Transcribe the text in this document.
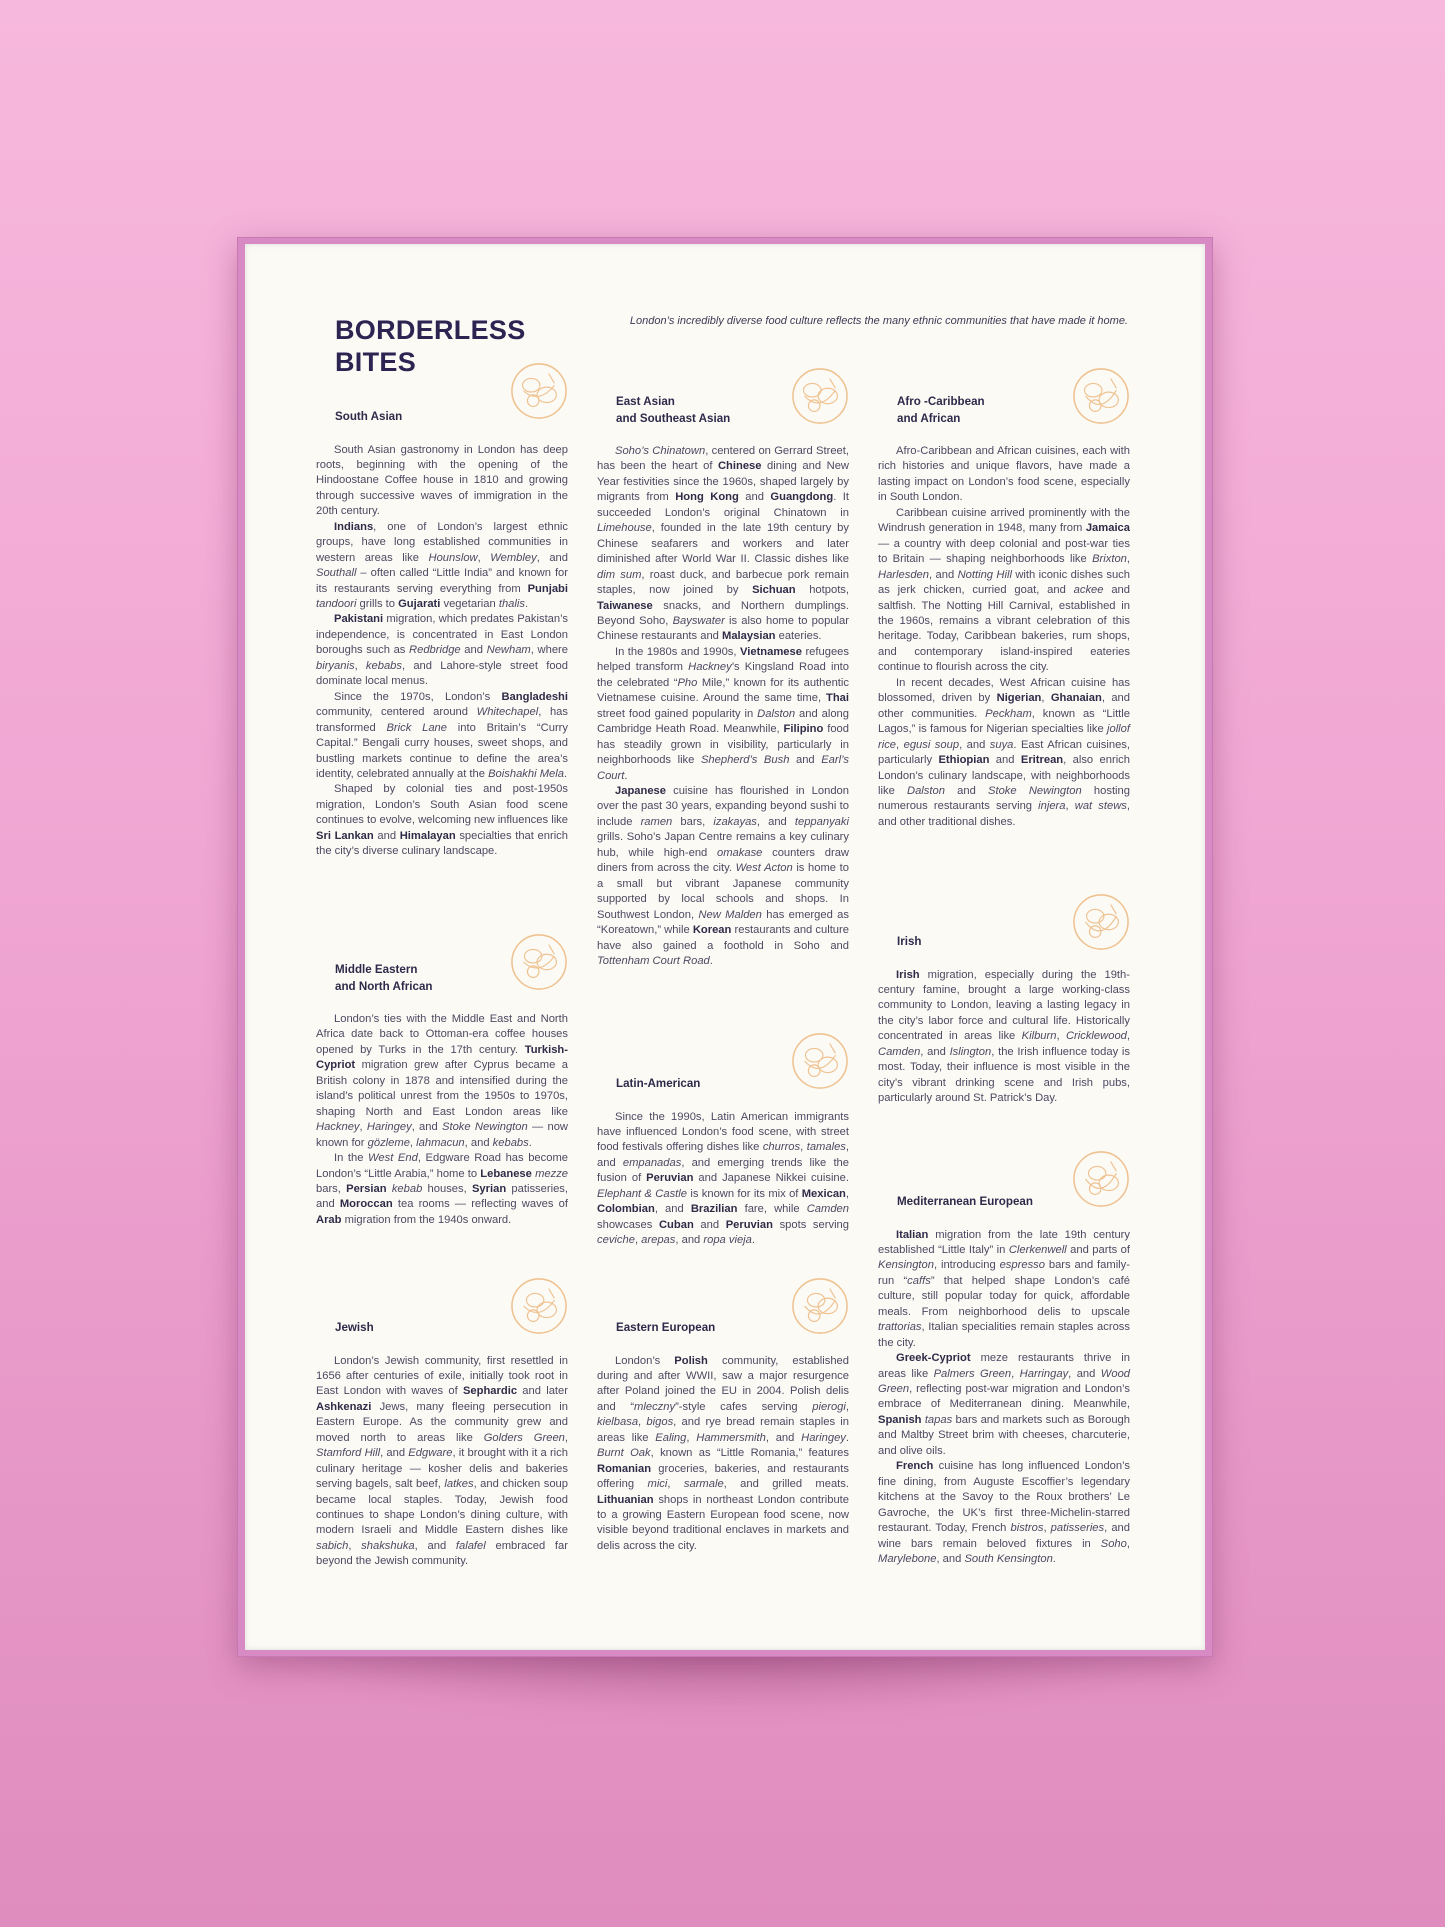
BORDERLESS
BITES
London’s incredibly diverse food culture reflects the many ethnic communities that have made it home.
South Asian

South Asian gastronomy in London has deep roots, beginning with the opening of the Hindoostane Coffee house in 1810 and growing through successive waves of immigration in the 20th century.

Indians, one of London’s largest ethnic groups, have long established communities in western areas like Hounslow, Wembley, and Southall – often called “Little India” and known for its restaurants serving everything from Punjabi tandoori grills to Gujarati vegetarian thalis.

Pakistani migration, which predates Pakistan’s independence, is concentrated in East London boroughs such as Redbridge and Newham, where biryanis, kebabs, and Lahore-style street food dominate local menus.

Since the 1970s, London’s Bangladeshi community, centered around Whitechapel, has transformed Brick Lane into Britain’s “Curry Capital.” Bengali curry houses, sweet shops, and bustling markets continue to define the area’s identity, celebrated annually at the Boishakhi Mela.

Shaped by colonial ties and post-1950s migration, London’s South Asian food scene continues to evolve, welcoming new influences like Sri Lankan and Himalayan specialties that enrich the city’s diverse culinary landscape.

Middle Eastern
and North African

London’s ties with the Middle East and North Africa date back to Ottoman-era coffee houses opened by Turks in the 17th century. Turkish-Cypriot migration grew after Cyprus became a British colony in 1878 and intensified during the island’s political unrest from the 1950s to 1970s, shaping North and East London areas like Hackney, Haringey, and Stoke Newington — now known for gözleme, lahmacun, and kebabs.

In the West End, Edgware Road has become London’s “Little Arabia,” home to Lebanese mezze bars, Persian kebab houses, Syrian patisseries, and Moroccan tea rooms — reflecting waves of Arab migration from the 1940s onward.

Jewish

London’s Jewish community, first resettled in 1656 after centuries of exile, initially took root in East London with waves of Sephardic and later Ashkenazi Jews, many fleeing persecution in Eastern Europe. As the community grew and moved north to areas like Golders Green, Stamford Hill, and Edgware, it brought with it a rich culinary heritage — kosher delis and bakeries serving bagels, salt beef, latkes, and chicken soup became local staples. Today, Jewish food continues to shape London’s dining culture, with modern Israeli and Middle Eastern dishes like sabich, shakshuka, and falafel embraced far beyond the Jewish community.

East Asian
and Southeast Asian

Soho’s Chinatown, centered on Gerrard Street, has been the heart of Chinese dining and New Year festivities since the 1960s, shaped largely by migrants from Hong Kong and Guangdong. It succeeded London’s original Chinatown in Limehouse, founded in the late 19th century by Chinese seafarers and workers and later diminished after World War II. Classic dishes like dim sum, roast duck, and barbecue pork remain staples, now joined by Sichuan hotpots, Taiwanese snacks, and Northern dumplings. Beyond Soho, Bayswater is also home to popular Chinese restaurants and Malaysian eateries.

In the 1980s and 1990s, Vietnamese refugees helped transform Hackney’s Kingsland Road into the celebrated “Pho Mile,” known for its authentic Vietnamese cuisine. Around the same time, Thai street food gained popularity in Dalston and along Cambridge Heath Road. Meanwhile, Filipino food has steadily grown in visibility, particularly in neighborhoods like Shepherd’s Bush and Earl’s Court.

Japanese cuisine has flourished in London over the past 30 years, expanding beyond sushi to include ramen bars, izakayas, and teppanyaki grills. Soho’s Japan Centre remains a key culinary hub, while high-end omakase counters draw diners from across the city. West Acton is home to a small but vibrant Japanese community supported by local schools and shops. In Southwest London, New Malden has emerged as “Koreatown,” while Korean restaurants and culture have also gained a foothold in Soho and Tottenham Court Road.

Latin-American

Since the 1990s, Latin American immigrants have influenced London’s food scene, with street food festivals offering dishes like churros, tamales, and empanadas, and emerging trends like the fusion of Peruvian and Japanese Nikkei cuisine. Elephant & Castle is known for its mix of Mexican, Colombian, and Brazilian fare, while Camden showcases Cuban and Peruvian spots serving ceviche, arepas, and ropa vieja.

Eastern European

London’s Polish community, established during and after WWII, saw a major resurgence after Poland joined the EU in 2004. Polish delis and “mleczny”-style cafes serving pierogi, kielbasa, bigos, and rye bread remain staples in areas like Ealing, Hammersmith, and Haringey. Burnt Oak, known as “Little Romania,” features Romanian groceries, bakeries, and restaurants offering mici, sarmale, and grilled meats. Lithuanian shops in northeast London contribute to a growing Eastern European food scene, now visible beyond traditional enclaves in markets and delis across the city.

Afro -Caribbean
and African

Afro-Caribbean and African cuisines, each with rich histories and unique flavors, have made a lasting impact on London’s food scene, especially in South London.

Caribbean cuisine arrived prominently with the Windrush generation in 1948, many from Jamaica — a country with deep colonial and post-war ties to Britain — shaping neighborhoods like Brixton, Harlesden, and Notting Hill with iconic dishes such as jerk chicken, curried goat, and ackee and saltfish. The Notting Hill Carnival, established in the 1960s, remains a vibrant celebration of this heritage. Today, Caribbean bakeries, rum shops, and contemporary island-inspired eateries continue to flourish across the city.

In recent decades, West African cuisine has blossomed, driven by Nigerian, Ghanaian, and other communities. Peckham, known as “Little Lagos,” is famous for Nigerian specialties like jollof rice, egusi soup, and suya. East African cuisines, particularly Ethiopian and Eritrean, also enrich London’s culinary landscape, with neighborhoods like Dalston and Stoke Newington hosting numerous restaurants serving injera, wat stews, and other traditional dishes.

Irish

Irish migration, especially during the 19th-century famine, brought a large working-class community to London, leaving a lasting legacy in the city’s labor force and cultural life. Historically concentrated in areas like Kilburn, Cricklewood, Camden, and Islington, the Irish influence today is most. Today, their influence is most visible in the city’s vibrant drinking scene and Irish pubs, particularly around St. Patrick’s Day.

Mediterranean European

Italian migration from the late 19th century established “Little Italy” in Clerkenwell and parts of Kensington, introducing espresso bars and family-run “caffs” that helped shape London’s café culture, still popular today for quick, affordable meals. From neighborhood delis to upscale trattorias, Italian specialities remain staples across the city.

Greek-Cypriot meze restaurants thrive in areas like Palmers Green, Harringay, and Wood Green, reflecting post-war migration and London’s embrace of Mediterranean dining. Meanwhile, Spanish tapas bars and markets such as Borough and Maltby Street brim with cheeses, charcuterie, and olive oils.

French cuisine has long influenced London’s fine dining, from Auguste Escoffier’s legendary kitchens at the Savoy to the Roux brothers’ Le Gavroche, the UK’s first three-Michelin-starred restaurant. Today, French bistros, patisseries, and wine bars remain beloved fixtures in Soho, Marylebone, and South Kensington.
